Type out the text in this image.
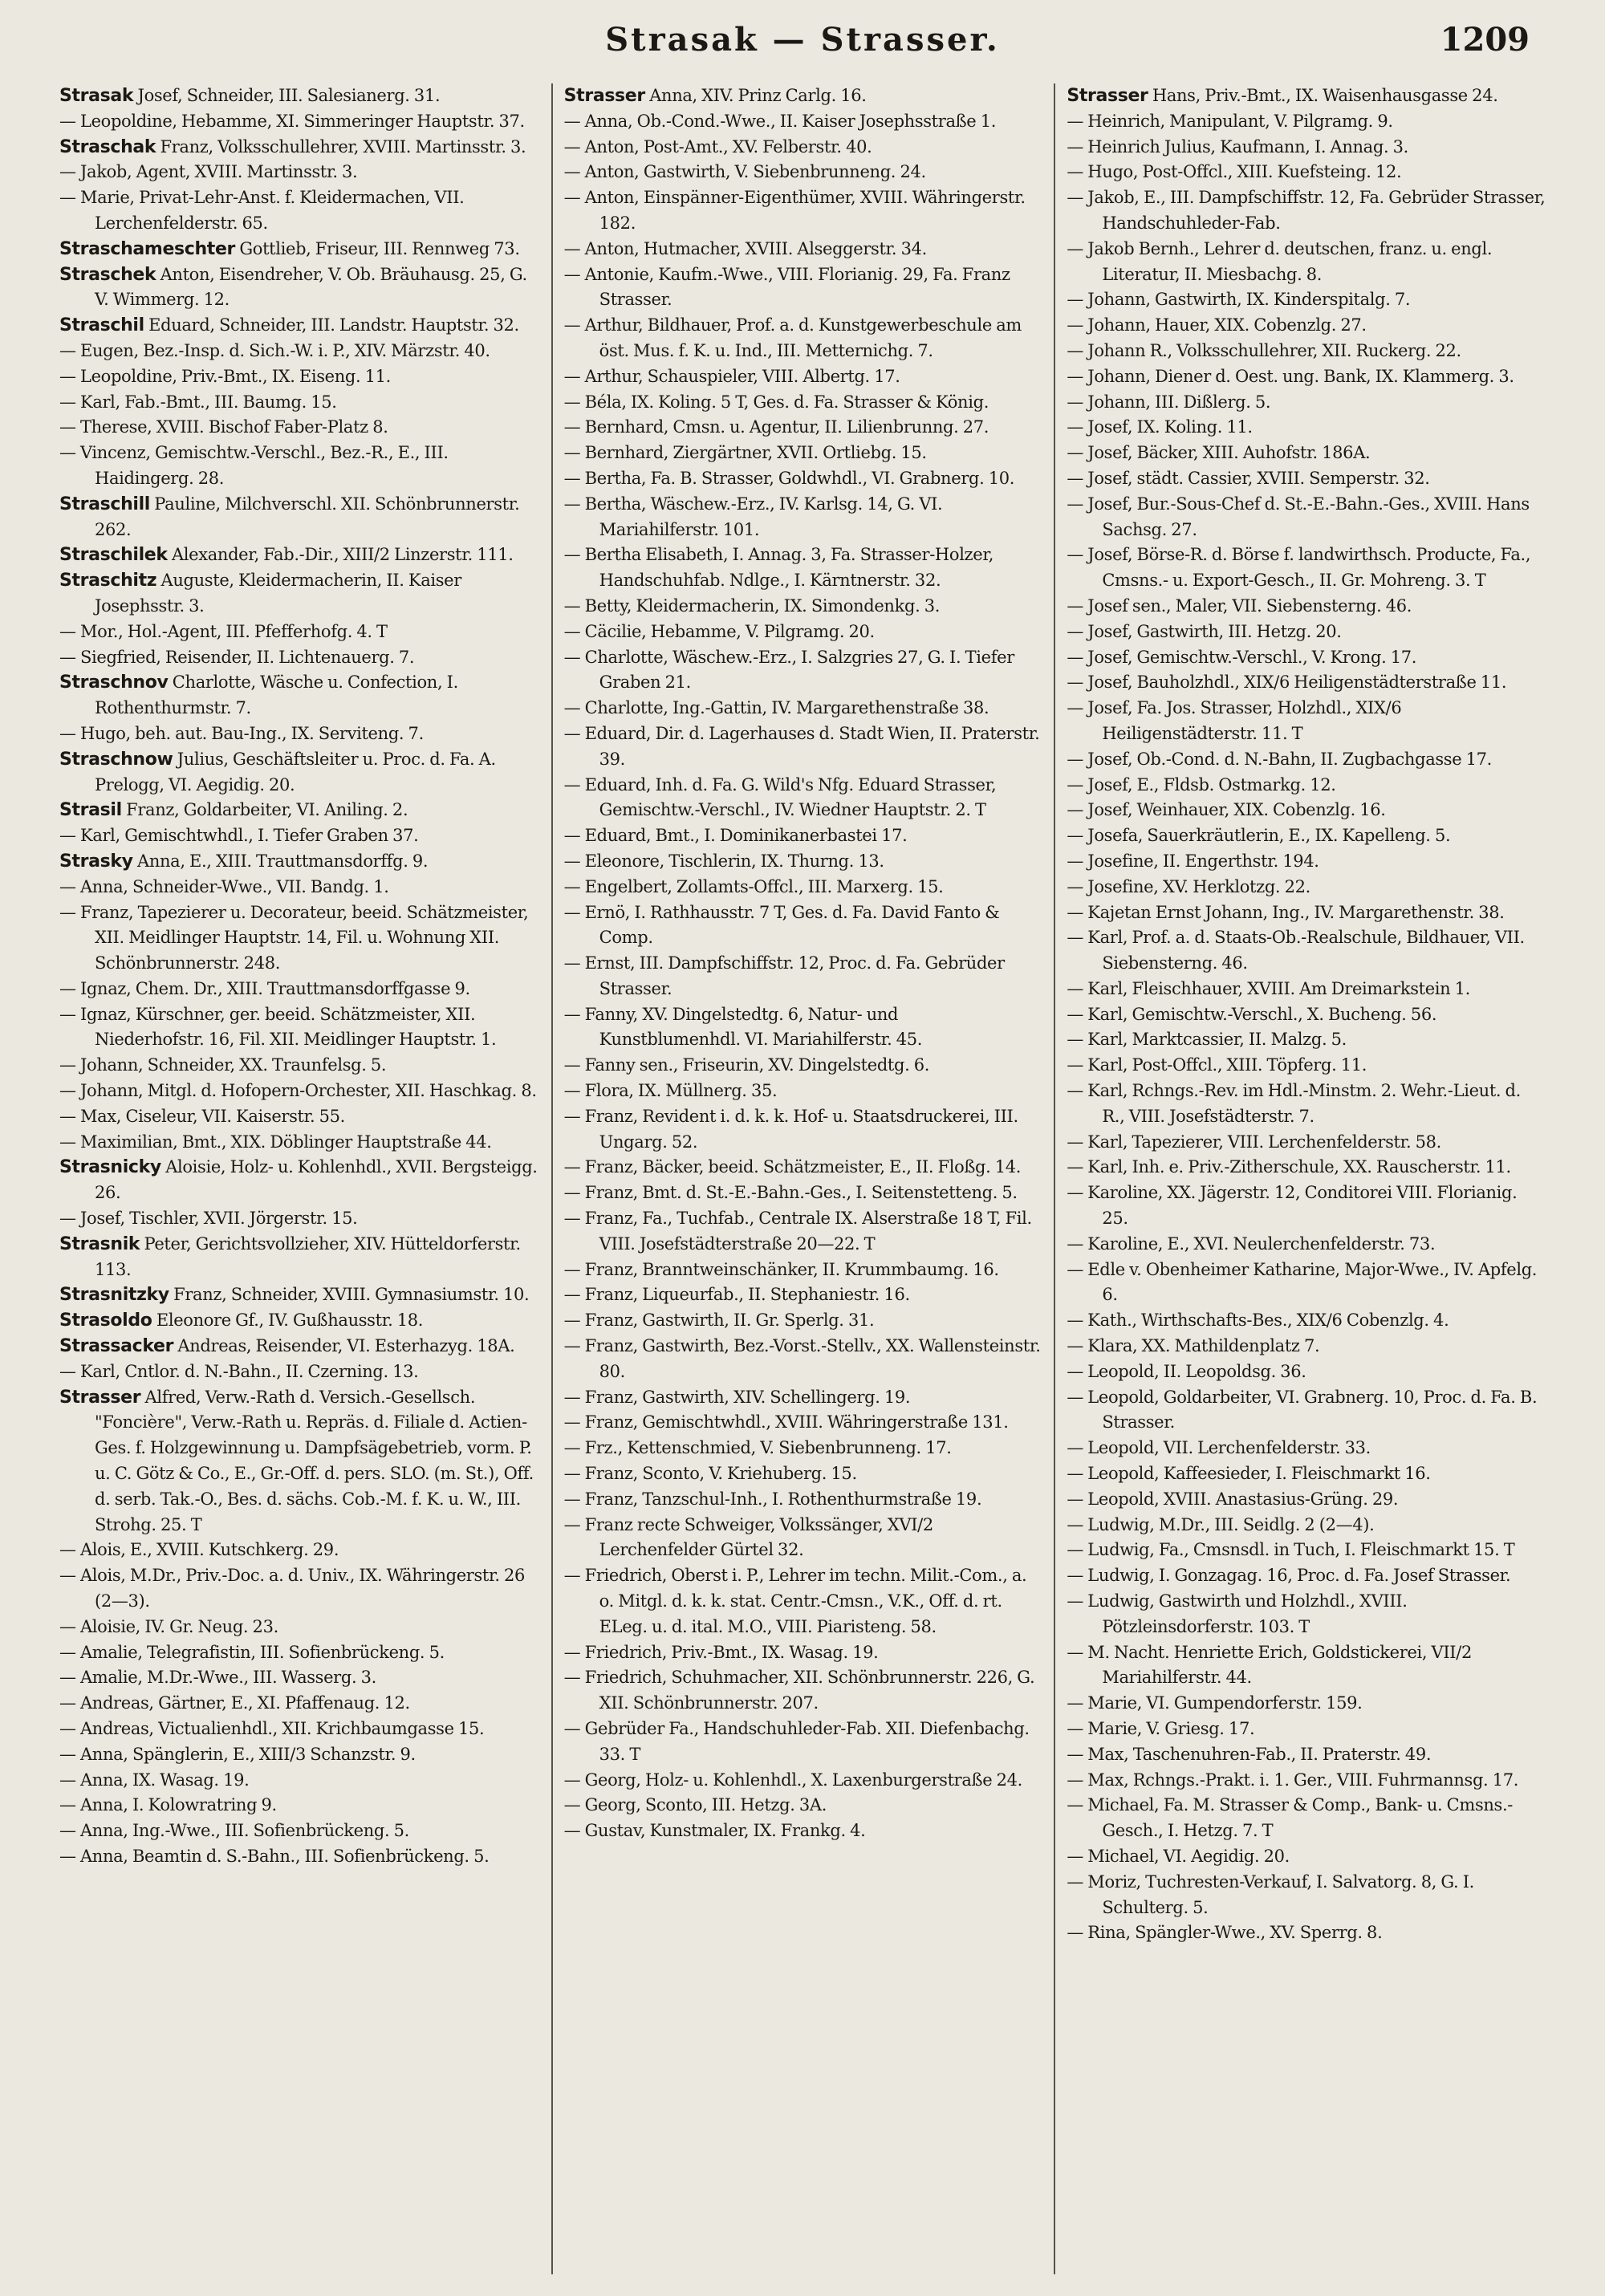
Strasak — Strasser.	1209
Strasak Josef, Schneider, III. Salesianerg. 31.
— Leopoldine, Hebamme, XI. Simmeringer Hauptstr. 37.
Straschak Franz, Volksschullehrer, XVIII. Martinsstr. 3.
— Jakob, Agent, XVIII. Martinsstr. 3.
— Marie, Privat-Lehr-Anst. f. Kleidermachen, VII. Lerchenfelderstr. 65.
Straschameschter Gottlieb, Friseur, III. Rennweg 73.
Straschek Anton, Eisendreher, V. Ob. Bräuhausg. 25, G. V. Wimmerg. 12.
Straschil Eduard, Schneider, III. Landstr. Hauptstr. 32.
— Eugen, Bez.-Insp. d. Sich.-W. i. P., XIV. Märzstr. 40.
— Leopoldine, Priv.-Bmt., IX. Eiseng. 11.
— Karl, Fab.-Bmt., III. Baumg. 15.
— Therese, XVIII. Bischof Faber-Platz 8.
— Vincenz, Gemischtw.-Verschl., Bez.-R., E., III. Haidingerg. 28.
Straschill Pauline, Milchverschl. XII. Schönbrunnerstr. 262.
Straschilek Alexander, Fab.-Dir., XIII/2 Linzerstr. 111.
Straschitz Auguste, Kleidermacherin, II. Kaiser Josephsstr. 3.
— Mor., Hol.-Agent, III. Pfefferhofg. 4. T
— Siegfried, Reisender, II. Lichtenauerg. 7.
Straschnov Charlotte, Wäsche u. Confection, I. Rothenthurmstr. 7.
— Hugo, beh. aut. Bau-Ing., IX. Serviteng. 7.
Straschnow Julius, Geschäftsleiter u. Proc. d. Fa. A. Prelogg, VI. Aegidig. 20.
Strasil Franz, Goldarbeiter, VI. Aniling. 2.
— Karl, Gemischtwhdl., I. Tiefer Graben 37.
Strasky Anna, E., XIII. Trauttmansdorffg. 9.
— Anna, Schneider-Wwe., VII. Bandg. 1.
— Franz, Tapezierer u. Decorateur, beeid. Schätzmeister, XII. Meidlinger Hauptstr. 14, Fil. u. Wohnung XII. Schönbrunnerstr. 248.
— Ignaz, Chem. Dr., XIII. Trauttmansdorffgasse 9.
— Ignaz, Kürschner, ger. beeid. Schätzmeister, XII. Niederhofstr. 16, Fil. XII. Meidlinger Hauptstr. 1.
— Johann, Schneider, XX. Traunfelsg. 5.
— Johann, Mitgl. d. Hofopern-Orchester, XII. Haschkag. 8.
— Max, Ciseleur, VII. Kaiserstr. 55.
— Maximilian, Bmt., XIX. Döblinger Hauptstraße 44.
Strasnicky Aloisie, Holz- u. Kohlenhdl., XVII. Bergsteigg. 26.
— Josef, Tischler, XVII. Jörgerstr. 15.
Strasnik Peter, Gerichtsvollzieher, XIV. Hütteldorferstr. 113.
Strasnitzky Franz, Schneider, XVIII. Gymnasiumstr. 10.
Strasoldo Eleonore Gf., IV. Gußhausstr. 18.
Strassacker Andreas, Reisender, VI. Esterhazyg. 18A.
— Karl, Cntlor. d. N.-Bahn., II. Czerning. 13.
Strasser Alfred, Verw.-Rath d. Versich.-Gesellsch. "Foncière", Verw.-Rath u. Repräs. d. Filiale d. Actien-Ges. f. Holzgewinnung u. Dampfsägebetrieb, vorm. P. u. C. Götz & Co., E., Gr.-Off. d. pers. SLO. (m. St.), Off. d. serb. Tak.-O., Bes. d. sächs. Cob.-M. f. K. u. W., III. Strohg. 25. T
— Alois, E., XVIII. Kutschkerg. 29.
— Alois, M.Dr., Priv.-Doc. a. d. Univ., IX. Währingerstr. 26 (2—3).
— Aloisie, IV. Gr. Neug. 23.
— Amalie, Telegrafistin, III. Sofienbrückeng. 5.
— Amalie, M.Dr.-Wwe., III. Wasserg. 3.
— Andreas, Gärtner, E., XI. Pfaffenaug. 12.
— Andreas, Victualienhdl., XII. Krichbaumgasse 15.
— Anna, Spänglerin, E., XIII/3 Schanzstr. 9.
— Anna, IX. Wasag. 19.
— Anna, I. Kolowratring 9.
— Anna, Ing.-Wwe., III. Sofienbrückeng. 5.
— Anna, Beamtin d. S.-Bahn., III. Sofienbrückeng. 5.
Strasser Anna, XIV. Prinz Carlg. 16.
— Anna, Ob.-Cond.-Wwe., II. Kaiser Josephsstraße 1.
— Anton, Post-Amt., XV. Felberstr. 40.
— Anton, Gastwirth, V. Siebenbrunneng. 24.
— Anton, Einspänner-Eigenthümer, XVIII. Währingerstr. 182.
— Anton, Hutmacher, XVIII. Alseggerstr. 34.
— Antonie, Kaufm.-Wwe., VIII. Florianig. 29, Fa. Franz Strasser.
— Arthur, Bildhauer, Prof. a. d. Kunstgewerbeschule am öst. Mus. f. K. u. Ind., III. Metternichg. 7.
— Arthur, Schauspieler, VIII. Albertg. 17.
— Béla, IX. Koling. 5 T, Ges. d. Fa. Strasser & König.
— Bernhard, Cmsn. u. Agentur, II. Lilienbrunng. 27.
— Bernhard, Ziergärtner, XVII. Ortliebg. 15.
— Bertha, Fa. B. Strasser, Goldwhdl., VI. Grabnerg. 10.
— Bertha, Wäschew.-Erz., IV. Karlsg. 14, G. VI. Mariahilferstr. 101.
— Bertha Elisabeth, I. Annag. 3, Fa. Strasser-Holzer, Handschuhfab. Ndlge., I. Kärntnerstr. 32.
— Betty, Kleidermacherin, IX. Simondenkg. 3.
— Cäcilie, Hebamme, V. Pilgramg. 20.
— Charlotte, Wäschew.-Erz., I. Salzgries 27, G. I. Tiefer Graben 21.
— Charlotte, Ing.-Gattin, IV. Margarethenstraße 38.
— Eduard, Dir. d. Lagerhauses d. Stadt Wien, II. Praterstr. 39.
— Eduard, Inh. d. Fa. G. Wild's Nfg. Eduard Strasser, Gemischtw.-Verschl., IV. Wiedner Hauptstr. 2. T
— Eduard, Bmt., I. Dominikanerbastei 17.
— Eleonore, Tischlerin, IX. Thurng. 13.
— Engelbert, Zollamts-Offcl., III. Marxerg. 15.
— Ernö, I. Rathhausstr. 7 T, Ges. d. Fa. David Fanto & Comp.
— Ernst, III. Dampfschiffstr. 12, Proc. d. Fa. Gebrüder Strasser.
— Fanny, XV. Dingelstedtg. 6, Natur- und Kunstblumenhdl. VI. Mariahilferstr. 45.
— Fanny sen., Friseurin, XV. Dingelstedtg. 6.
— Flora, IX. Müllnerg. 35.
— Franz, Revident i. d. k. k. Hof- u. Staatsdruckerei, III. Ungarg. 52.
— Franz, Bäcker, beeid. Schätzmeister, E., II. Floßg. 14.
— Franz, Bmt. d. St.-E.-Bahn.-Ges., I. Seitenstetteng. 5.
— Franz, Fa., Tuchfab., Centrale IX. Alserstraße 18 T, Fil. VIII. Josefstädterstraße 20—22. T
— Franz, Branntweinschänker, II. Krummbaumg. 16.
— Franz, Liqueurfab., II. Stephaniestr. 16.
— Franz, Gastwirth, II. Gr. Sperlg. 31.
— Franz, Gastwirth, Bez.-Vorst.-Stellv., XX. Wallensteinstr. 80.
— Franz, Gastwirth, XIV. Schellingerg. 19.
— Franz, Gemischtwhdl., XVIII. Währingerstraße 131.
— Frz., Kettenschmied, V. Siebenbrunneng. 17.
— Franz, Sconto, V. Kriehuberg. 15.
— Franz, Tanzschul-Inh., I. Rothenthurmstraße 19.
— Franz recte Schweiger, Volkssänger, XVI/2 Lerchenfelder Gürtel 32.
— Friedrich, Oberst i. P., Lehrer im techn. Milit.-Com., a. o. Mitgl. d. k. k. stat. Centr.-Cmsn., V.K., Off. d. rt. ELeg. u. d. ital. M.O., VIII. Piaristeng. 58.
— Friedrich, Priv.-Bmt., IX. Wasag. 19.
— Friedrich, Schuhmacher, XII. Schönbrunnerstr. 226, G. XII. Schönbrunnerstr. 207.
— Gebrüder Fa., Handschuhleder-Fab. XII. Diefenbachg. 33. T
— Georg, Holz- u. Kohlenhdl., X. Laxenburgerstraße 24.
— Georg, Sconto, III. Hetzg. 3A.
— Gustav, Kunstmaler, IX. Frankg. 4.
Strasser Hans, Priv.-Bmt., IX. Waisenhausgasse 24.
— Heinrich, Manipulant, V. Pilgramg. 9.
— Heinrich Julius, Kaufmann, I. Annag. 3.
— Hugo, Post-Offcl., XIII. Kuefsteing. 12.
— Jakob, E., III. Dampfschiffstr. 12, Fa. Gebrüder Strasser, Handschuhleder-Fab.
— Jakob Bernh., Lehrer d. deutschen, franz. u. engl. Literatur, II. Miesbachg. 8.
— Johann, Gastwirth, IX. Kinderspitalg. 7.
— Johann, Hauer, XIX. Cobenzlg. 27.
— Johann R., Volksschullehrer, XII. Ruckerg. 22.
— Johann, Diener d. Oest. ung. Bank, IX. Klammerg. 3.
— Johann, III. Dißlerg. 5.
— Josef, IX. Koling. 11.
— Josef, Bäcker, XIII. Auhofstr. 186A.
— Josef, städt. Cassier, XVIII. Semperstr. 32.
— Josef, Bur.-Sous-Chef d. St.-E.-Bahn.-Ges., XVIII. Hans Sachsg. 27.
— Josef, Börse-R. d. Börse f. landwirthsch. Producte, Fa., Cmsns.- u. Export-Gesch., II. Gr. Mohreng. 3. T
— Josef sen., Maler, VII. Siebensterng. 46.
— Josef, Gastwirth, III. Hetzg. 20.
— Josef, Gemischtw.-Verschl., V. Krong. 17.
— Josef, Bauholzhdl., XIX/6 Heiligenstädterstraße 11.
— Josef, Fa. Jos. Strasser, Holzhdl., XIX/6 Heiligenstädterstr. 11. T
— Josef, Ob.-Cond. d. N.-Bahn, II. Zugbachgasse 17.
— Josef, E., Fldsb. Ostmarkg. 12.
— Josef, Weinhauer, XIX. Cobenzlg. 16.
— Josefa, Sauerkräutlerin, E., IX. Kapelleng. 5.
— Josefine, II. Engerthstr. 194.
— Josefine, XV. Herklotzg. 22.
— Kajetan Ernst Johann, Ing., IV. Margarethenstr. 38.
— Karl, Prof. a. d. Staats-Ob.-Realschule, Bildhauer, VII. Siebensterng. 46.
— Karl, Fleischhauer, XVIII. Am Dreimarkstein 1.
— Karl, Gemischtw.-Verschl., X. Bucheng. 56.
— Karl, Marktcassier, II. Malzg. 5.
— Karl, Post-Offcl., XIII. Töpferg. 11.
— Karl, Rchngs.-Rev. im Hdl.-Minstm. 2. Wehr.-Lieut. d. R., VIII. Josefstädterstr. 7.
— Karl, Tapezierer, VIII. Lerchenfelderstr. 58.
— Karl, Inh. e. Priv.-Zitherschule, XX. Rauscherstr. 11.
— Karoline, XX. Jägerstr. 12, Conditorei VIII. Florianig. 25.
— Karoline, E., XVI. Neulerchenfelderstr. 73.
— Edle v. Obenheimer Katharine, Major-Wwe., IV. Apfelg. 6.
— Kath., Wirthschafts-Bes., XIX/6 Cobenzlg. 4.
— Klara, XX. Mathildenplatz 7.
— Leopold, II. Leopoldsg. 36.
— Leopold, Goldarbeiter, VI. Grabnerg. 10, Proc. d. Fa. B. Strasser.
— Leopold, VII. Lerchenfelderstr. 33.
— Leopold, Kaffeesieder, I. Fleischmarkt 16.
— Leopold, XVIII. Anastasius-Grüng. 29.
— Ludwig, M.Dr., III. Seidlg. 2 (2—4).
— Ludwig, Fa., Cmsnsdl. in Tuch, I. Fleischmarkt 15. T
— Ludwig, I. Gonzagag. 16, Proc. d. Fa. Josef Strasser.
— Ludwig, Gastwirth und Holzhdl., XVIII. Pötzleinsdorferstr. 103. T
— M. Nacht. Henriette Erich, Goldstickerei, VII/2 Mariahilferstr. 44.
— Marie, VI. Gumpendorferstr. 159.
— Marie, V. Griesg. 17.
— Max, Taschenuhren-Fab., II. Praterstr. 49.
— Max, Rchngs.-Prakt. i. 1. Ger., VIII. Fuhrmannsg. 17.
— Michael, Fa. M. Strasser & Comp., Bank- u. Cmsns.-Gesch., I. Hetzg. 7. T
— Michael, VI. Aegidig. 20.
— Moriz, Tuchresten-Verkauf, I. Salvatorg. 8, G. I. Schulterg. 5.
— Rina, Spängler-Wwe., XV. Sperrg. 8.
